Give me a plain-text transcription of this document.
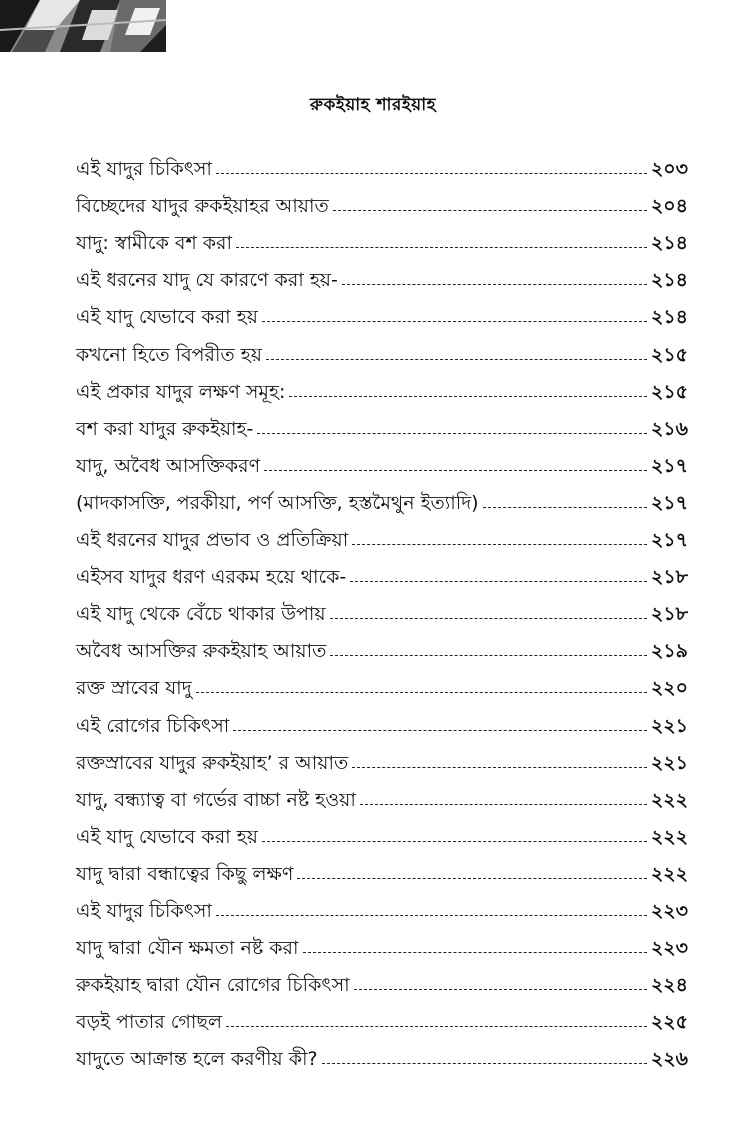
রুকইয়াহ শারইয়াহ
এই যাদুর চিকিৎসা	২০৩
বিচ্ছেদের যাদুর রুকইয়াহর আয়াত	২০৪
যাদু: স্বামীকে বশ করা	২১৪
এই ধরনের যাদু যে কারণে করা হয়-	২১৪
এই যাদু যেভাবে করা হয়	২১৪
কখনো হিতে বিপরীত হয়	২১৫
এই প্রকার যাদুর লক্ষণ সমূহ:	২১৫
বশ করা যাদুর রুকইয়াহ-	২১৬
যাদু, অবৈধ আসক্তিকরণ	২১৭
(মাদকাসক্তি, পরকীয়া, পর্ণ আসক্তি, হস্তমৈথুন ইত্যাদি)	২১৭
এই ধরনের যাদুর প্রভাব ও প্রতিক্রিয়া	২১৭
এইসব যাদুর ধরণ এরকম হয়ে থাকে-	২১৮
এই যাদু থেকে বেঁচে থাকার উপায়	২১৮
অবৈধ আসক্তির রুকইয়াহ আয়াত	২১৯
রক্ত স্রাবের যাদু	২২০
এই রোগের চিকিৎসা	২২১
রক্তস্রাবের যাদুর রুকইয়াহ’ র আয়াত	২২১
যাদু, বন্ধ্যাত্ব বা গর্ভের বাচ্চা নষ্ট হওয়া	২২২
এই যাদু যেভাবে করা হয়	২২২
যাদু দ্বারা বন্ধাত্বের কিছু লক্ষণ	২২২
এই যাদুর চিকিৎসা	২২৩
যাদু দ্বারা যৌন ক্ষমতা নষ্ট করা	২২৩
রুকইয়াহ দ্বারা যৌন রোগের চিকিৎসা	২২৪
বড়ই পাতার গোছল	২২৫
যাদুতে আক্রান্ত হলে করণীয় কী?	২২৬
